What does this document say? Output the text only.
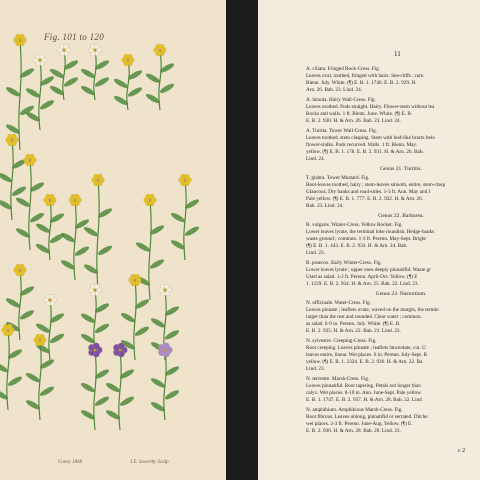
Fig. 101 to 120
Coney 1868	J.E. Sowerby Sculp
11
A. ciliata. Fringed Rock-Cress. Fig.
Leaves oval, toothed, fringed with hairs. Sea-cliffs ; rare.
Bienn. July. White. (¶) E. B. 1. 1746. E. B. 2. 929. H.
Arn. 26. Bab. 23. Lind. 24.
A. hirsuta. Hairy Wall-Cress. Fig.
Leaves toothed. Pods straight. Hairy. Flower-stem without lea
Rocks and walls. 1 ft. Bienn. June. White. (¶) E. B.
E. B. 2. 930. H. & Arn. 26. Bab. 23. Lind. 24.
A. Turrita. Tower Wall-Cress. Fig.
Leaves toothed, stem clasping. Stem with leaf-like bracts belo
flower-stalks. Pods recurved. Walls. 1 ft. Bienn. May.
yellow. (¶) E. B. 1. 178. E. B. 2. 931. H. & Arn. 26. Bab.
Lind. 24.
Genus 21. Turritis.
T. glabra. Tower Mustard. Fig.
Root-leaves toothed, hairy ; stem-leaves smooth, entire, stem-clasp
Glaucous. Dry banks and road-sides. 1-3 ft. Ann. May and J
Pale yellow. (¶) E. B. 1. 777. E. B. 2. 932. H. & Arn. 26.
Bab. 23. Lind. 24.
Genus 22. Barbarea.
B. vulgaris. Winter-Cress. Yellow Rocket. Fig.
Lower leaves lyrate, the terminal lobe roundish. Hedge-banks
waste ground ; common. 1-3 ft. Perenn. May-Sept. Bright
(¶) E. B. 1. 443. E. B. 2. 933. H. & Arn. 24. Bab.
Lind. 23.
B. praecox. Early Winter-Cress. Fig.
Lower leaves lyrate ; upper ones deeply pinnatifid. Waste gr
Used as salad. 1-2 ft. Perenn. April-Oct. Yellow. (¶) E
1. 1129. E. B. 2. 934. H. & Arn. 25. Bab. 22. Lind. 23.
Genus 23. Nasturtium.
N. officinale. Water-Cress. Fig.
Leaves pinnate ; leaflets ovate, waved on the margin, the termin
larger than the rest and rounded. Clear water ; common.
as salad. 6-9 in. Perenn. July. White. (¶) E. B.
E. B. 2. 935. H. & Arn. 22. Bab. 21. Lind. 23.
N. sylvestre. Creeping-Cress. Fig.
Root creeping. Leaves pinnate ; leaflets lanceolate, cut. U
leaves entire, linear. Wet places. 6 in. Perenn. July-Sept. B
yellow. (¶) E. B. 1. 2324. E. B. 2. 936. H. & Arn. 22. Ba
Lind. 23.
N. terrestre. Marsh-Cress. Fig.
Leaves pinnatifid. Root tapering. Petals not longer than
calyx. Wet places. 8-10 in. Ann. June-Sept. Pale yellow.
E. B. 1. 1747. E. B. 2. 937. H. & Arn. 28. Bab. 22. Lind
N. amphibium. Amphibious Marsh-Cress. Fig.
Root fibrous. Leaves oblong, pinnatifid or serrated. Ditche
wet places. 2-3 ft. Perenn. June-Aug. Yellow. (¶) E.
E. B. 2. 938. H. & Arn. 28. Bab. 20. Lind. 23.
c 2
